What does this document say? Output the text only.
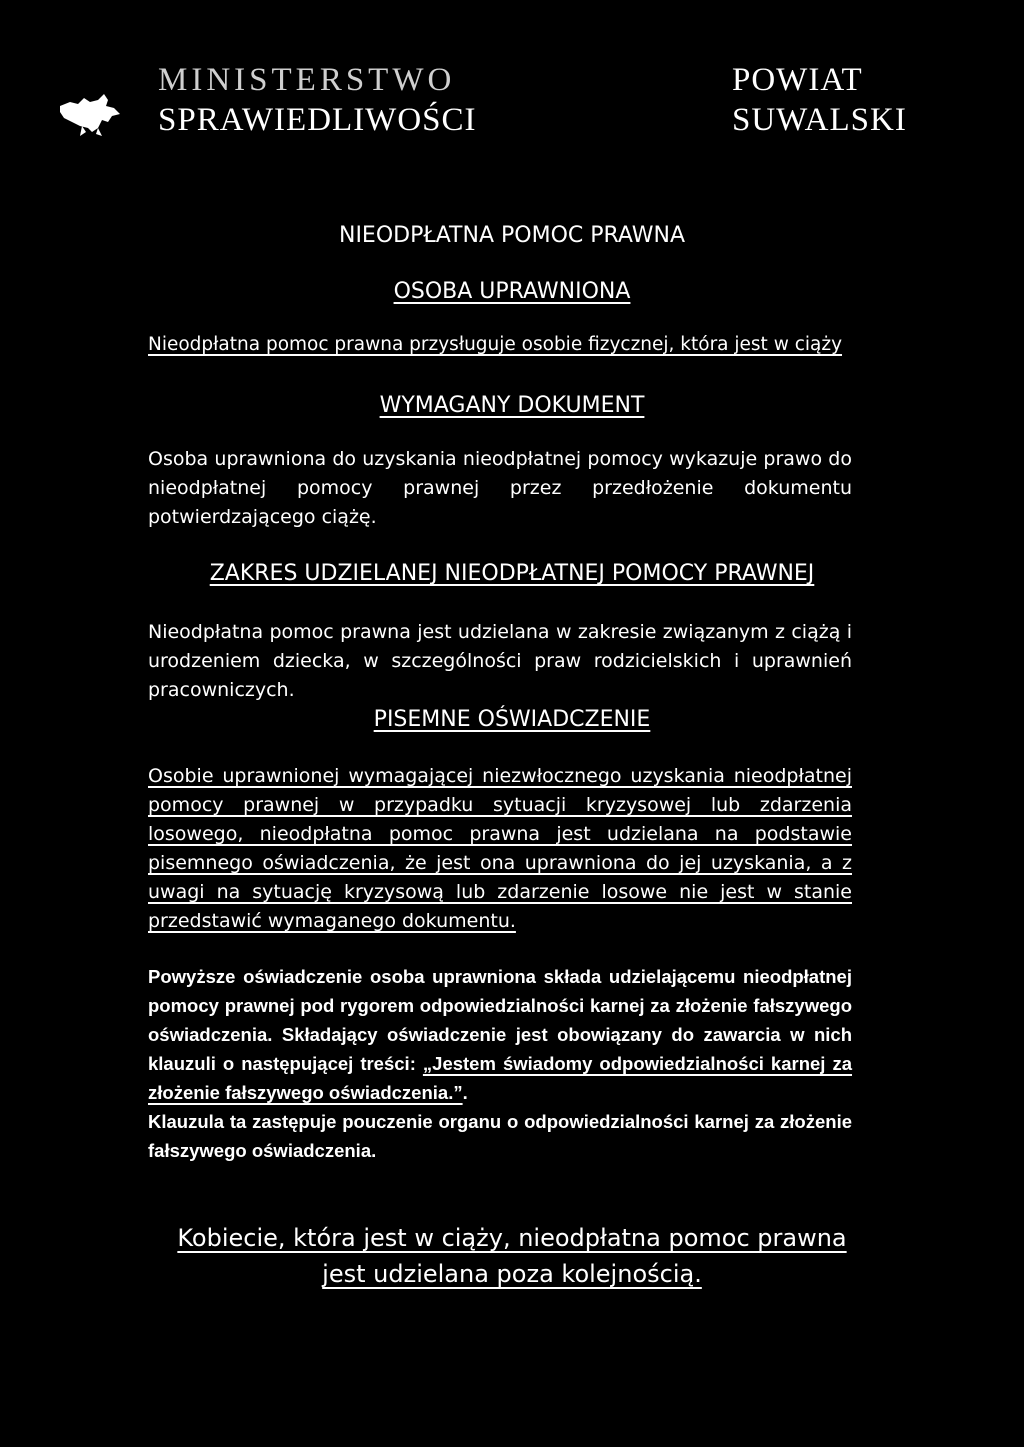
MINISTERSTWO
SPRAWIEDLIWOŚCI
POWIAT
SUWALSKI
NIEODPŁATNA POMOC PRAWNA
OSOBA UPRAWNIONA
Nieodpłatna pomoc prawna przysługuje osobie fizycznej, która jest w ciąży
WYMAGANY DOKUMENT
Osoba uprawniona do uzyskania nieodpłatnej pomocy wykazuje prawo do nieodpłatnej pomocy prawnej przez przedłożenie dokumentu potwierdzającego ciążę.
ZAKRES UDZIELANEJ NIEODPŁATNEJ POMOCY PRAWNEJ
Nieodpłatna pomoc prawna jest udzielana w zakresie związanym z ciążą i urodzeniem dziecka, w szczególności praw rodzicielskich i uprawnień pracowniczych.
PISEMNE OŚWIADCZENIE
Osobie uprawnionej wymagającej niezwłocznego uzyskania nieodpłatnej pomocy prawnej w przypadku sytuacji kryzysowej lub zdarzenia losowego, nieodpłatna pomoc prawna jest udzielana na podstawie pisemnego oświadczenia, że jest ona uprawniona do jej uzyskania, a z uwagi na sytuację kryzysową lub zdarzenie losowe nie jest w stanie przedstawić wymaganego dokumentu.
Powyższe oświadczenie osoba uprawniona składa udzielającemu nieodpłatnej pomocy prawnej pod rygorem odpowiedzialności karnej za złożenie fałszywego oświadczenia. Składający oświadczenie jest obowiązany do zawarcia w nich klauzuli o następującej treści: „Jestem świadomy odpowiedzialności karnej za złożenie fałszywego oświadczenia.”.
Klauzula ta zastępuje pouczenie organu o odpowiedzialności karnej za złożenie fałszywego oświadczenia.
Kobiecie, która jest w ciąży, nieodpłatna pomoc prawna
jest udzielana poza kolejnością.
